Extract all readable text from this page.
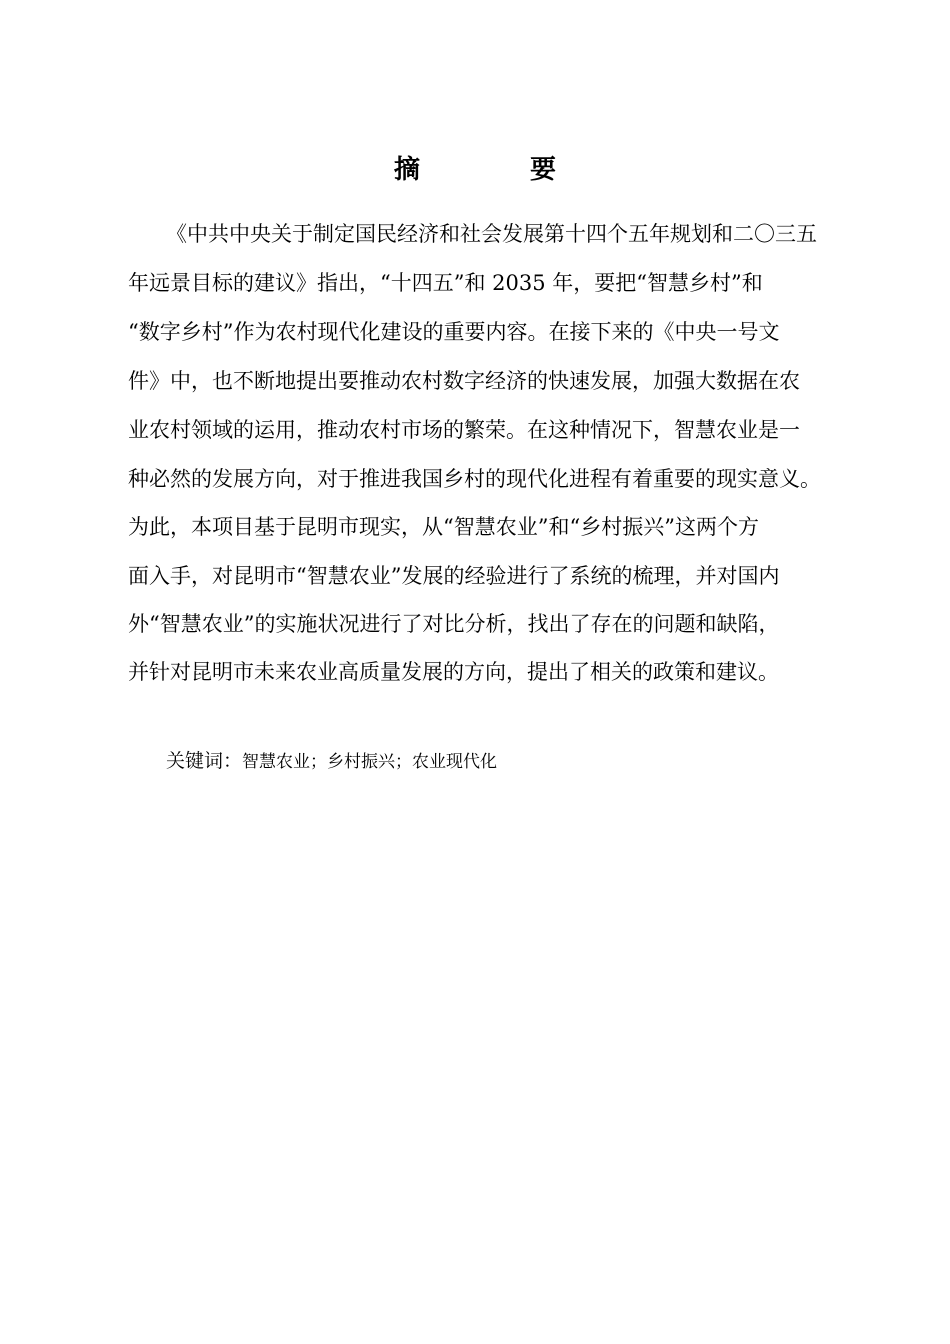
摘　要
《中共中央关于制定国民经济和社会发展第十四个五年规划和二〇三五
年远景目标的建议》指出，“十四五”和 2035 年，要把“智慧乡村”和
“数字乡村”作为农村现代化建设的重要内容。在接下来的《中央一号文
件》中，也不断地提出要推动农村数字经济的快速发展，加强大数据在农
业农村领域的运用，推动农村市场的繁荣。在这种情况下，智慧农业是一
种必然的发展方向，对于推进我国乡村的现代化进程有着重要的现实意义。
为此，本项目基于昆明市现实，从“智慧农业”和“乡村振兴”这两个方
面入手，对昆明市“智慧农业”发展的经验进行了系统的梳理，并对国内
外“智慧农业”的实施状况进行了对比分析，找出了存在的问题和缺陷，
并针对昆明市未来农业高质量发展的方向，提出了相关的政策和建议。
关键词：智慧农业；乡村振兴；农业现代化
